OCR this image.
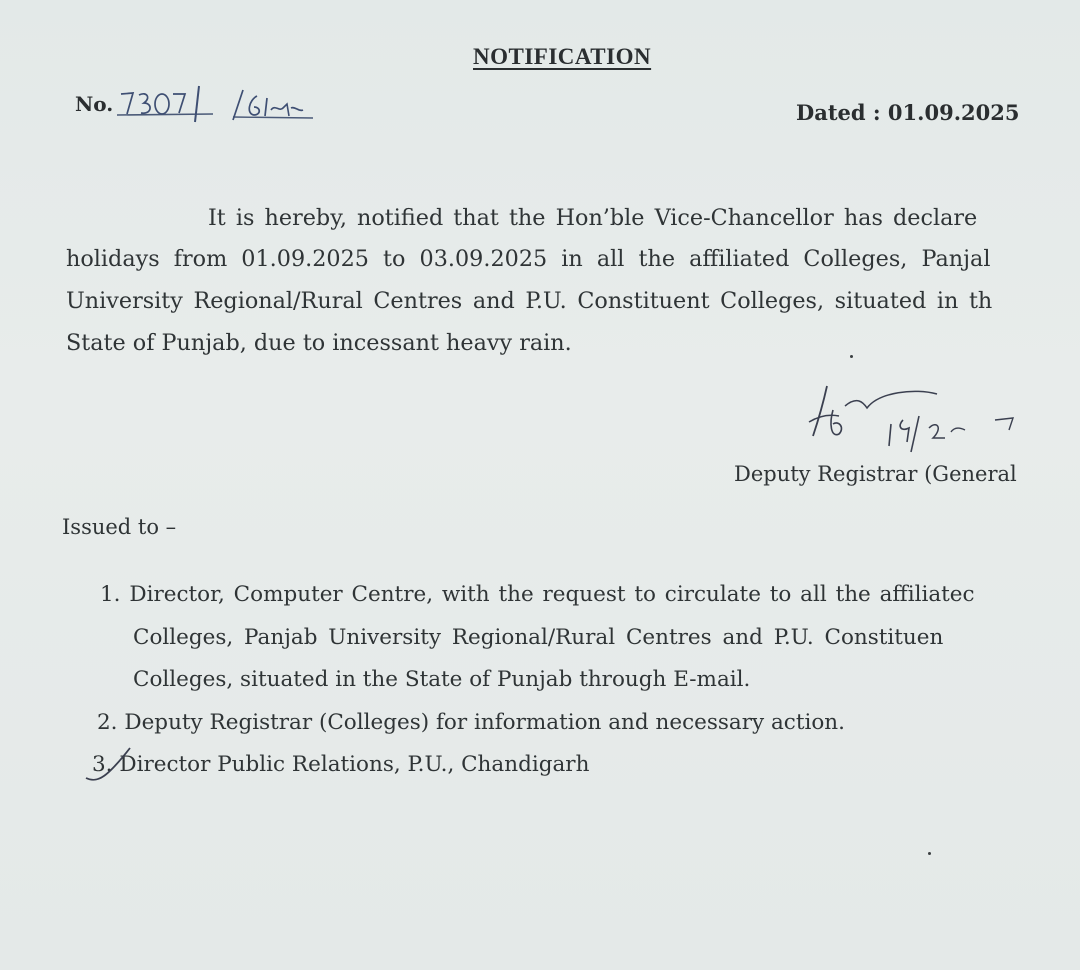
NOTIFICATION
No.	Dated : 01.09.2025
It is hereby, notified that the Hon’ble Vice-Chancellor has declare
holidays from 01.09.2025 to 03.09.2025 in all the affiliated Colleges, Panjal
University Regional/Rural Centres and P.U. Constituent Colleges, situated in th
State of Punjab, due to incessant heavy rain.
Deputy Registrar (General
Issued to –
1. Director, Computer Centre, with the request to circulate to all the affiliatec
Colleges, Panjab University Regional/Rural Centres and P.U. Constituen
Colleges, situated in the State of Punjab through E-mail.
2. Deputy Registrar (Colleges) for information and necessary action.
3. Director Public Relations, P.U., Chandigarh
